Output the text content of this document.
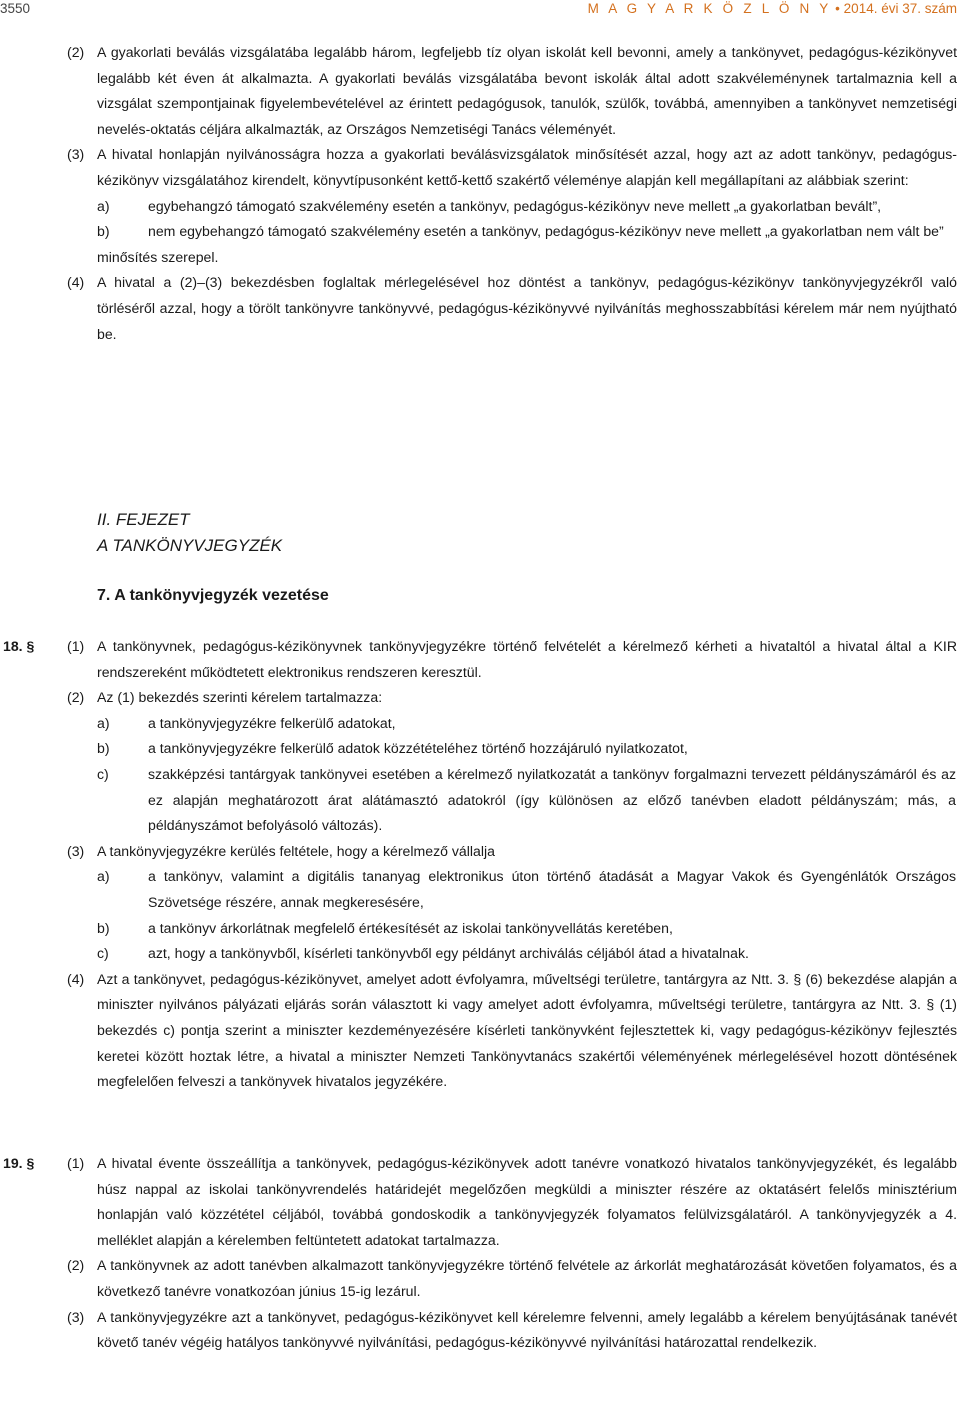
3550	M A G Y A R K Ö Z L Ö N Y • 2014. évi 37. szám
(2) A gyakorlati beválás vizsgálatába legalább három, legfeljebb tíz olyan iskolát kell bevonni, amely a tankönyvet, pedagógus-kézikönyvet legalább két éven át alkalmazta. A gyakorlati beválás vizsgálatába bevont iskolák által adott szakvéleménynek tartalmaznia kell a vizsgálat szempontjainak figyelembevételével az érintett pedagógusok, tanulók, szülők, továbbá, amennyiben a tankönyvet nemzetiségi nevelés-oktatás céljára alkalmazták, az Országos Nemzetiségi Tanács véleményét.
(3) A hivatal honlapján nyilvánosságra hozza a gyakorlati beválásvizsgálatok minősítését azzal, hogy azt az adott tankönyv, pedagógus-kézikönyv vizsgálatához kirendelt, könyvtípusonként kettő-kettő szakértő véleménye alapján kell megállapítani az alábbiak szerint:
a)	egybehangzó támogató szakvélemény esetén a tankönyv, pedagógus-kézikönyv neve mellett „a gyakorlatban bevált”,
b)	nem egybehangzó támogató szakvélemény esetén a tankönyv, pedagógus-kézikönyv neve mellett „a gyakorlatban nem vált be”
minősítés szerepel.
(4) A hivatal a (2)–(3) bekezdésben foglaltak mérlegelésével hoz döntést a tankönyv, pedagógus-kézikönyv tankönyvjegyzékről való törléséről azzal, hogy a törölt tankönyvre tankönyvvé, pedagógus-kézikönyvvé nyilvánítás meghosszabbítási kérelem már nem nyújtható be.
II. FEJEZET
A TANKÖNYVJEGYZÉK
7. A tankönyvjegyzék vezetése
18. § (1) A tankönyvnek, pedagógus-kézikönyvnek tankönyvjegyzékre történő felvételét a kérelmező kérheti a hivataltól a hivatal által a KIR rendszereként működtetett elektronikus rendszeren keresztül.
(2) Az (1) bekezdés szerinti kérelem tartalmazza:
a)	a tankönyvjegyzékre felkerülő adatokat,
b)	a tankönyvjegyzékre felkerülő adatok közzétételéhez történő hozzájáruló nyilatkozatot,
c)	szakképzési tantárgyak tankönyvei esetében a kérelmező nyilatkozatát a tankönyv forgalmazni tervezett példányszámáról és az ez alapján meghatározott árat alátámasztó adatokról (így különösen az előző tanévben eladott példányszám; más, a példányszámot befolyásoló változás).
(3) A tankönyvjegyzékre kerülés feltétele, hogy a kérelmező vállalja
a)	a tankönyv, valamint a digitális tananyag elektronikus úton történő átadását a Magyar Vakok és Gyengénlátók Országos Szövetsége részére, annak megkeresésére,
b)	a tankönyv árkorlátnak megfelelő értékesítését az iskolai tankönyvellátás keretében,
c)	azt, hogy a tankönyvből, kísérleti tankönyvből egy példányt archiválás céljából átad a hivatalnak.
(4) Azt a tankönyvet, pedagógus-kézikönyvet, amelyet adott évfolyamra, műveltségi területre, tantárgyra az Ntt. 3. § (6) bekezdése alapján a miniszter nyilvános pályázati eljárás során választott ki vagy amelyet adott évfolyamra, műveltségi területre, tantárgyra az Ntt. 3. § (1) bekezdés c) pontja szerint a miniszter kezdeményezésére kísérleti tankönyvként fejlesztettek ki, vagy pedagógus-kézikönyv fejlesztés keretei között hoztak létre, a hivatal a miniszter Nemzeti Tankönyvtanács szakértői véleményének mérlegelésével hozott döntésének megfelelően felveszi a tankönyvek hivatalos jegyzékére.
19. § (1) A hivatal évente összeállítja a tankönyvek, pedagógus-kézikönyvek adott tanévre vonatkozó hivatalos tankönyvjegyzékét, és legalább húsz nappal az iskolai tankönyvrendelés határidejét megelőzően megküldi a miniszter részére az oktatásért felelős minisztérium honlapján való közzététel céljából, továbbá gondoskodik a tankönyvjegyzék folyamatos felülvizsgálatáról. A tankönyvjegyzék a 4. melléklet alapján a kérelemben feltüntetett adatokat tartalmazza.
(2) A tankönyvnek az adott tanévben alkalmazott tankönyvjegyzékre történő felvétele az árkorlát meghatározását követően folyamatos, és a következő tanévre vonatkozóan június 15-ig lezárul.
(3) A tankönyvjegyzékre azt a tankönyvet, pedagógus-kézikönyvet kell kérelemre felvenni, amely legalább a kérelem benyújtásának tanévét követő tanév végéig hatályos tankönyvvé nyilvánítási, pedagógus-kézikönyvvé nyilvánítási határozattal rendelkezik.
